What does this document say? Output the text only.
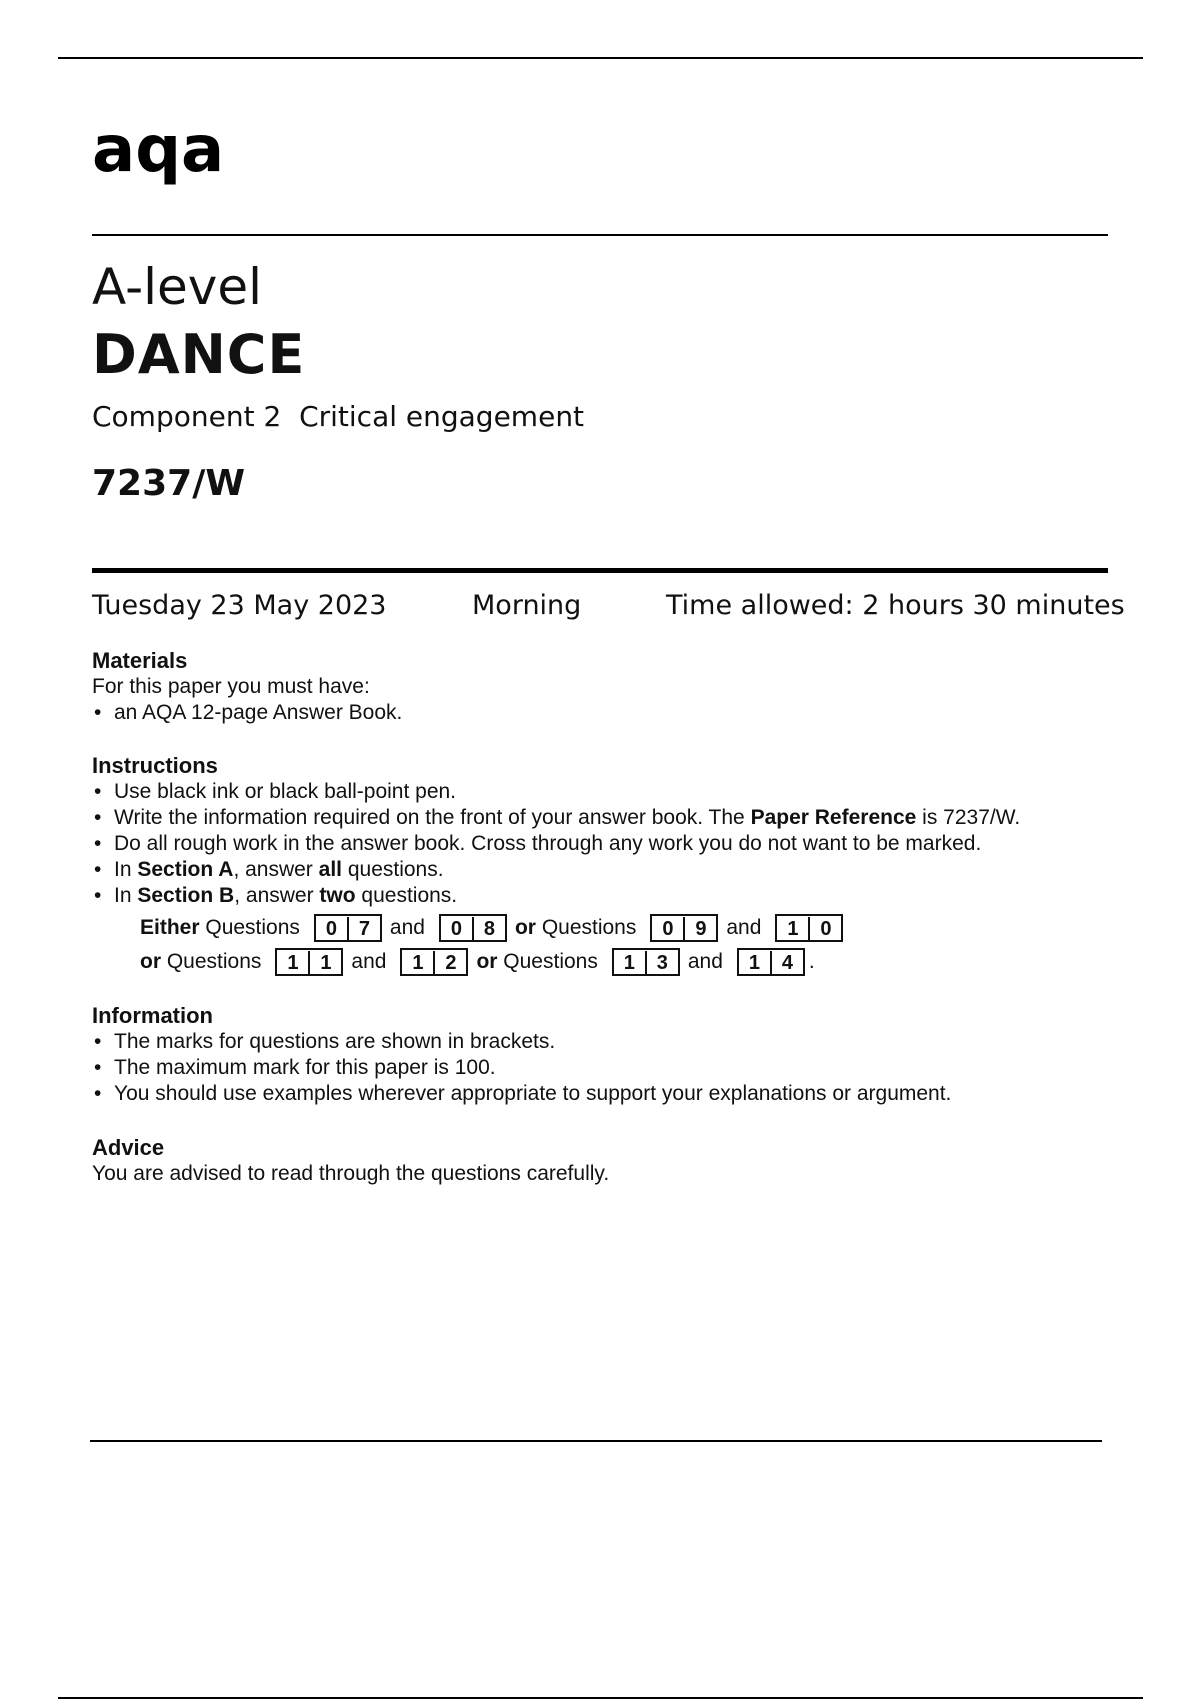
aqa
A-level
DANCE
Component 2  Critical engagement
7237/W
Tuesday 23 May 2023	Morning	Time allowed: 2 hours 30 minutes
Materials

For this paper you must have:

• an AQA 12-page Answer Book.
Instructions
• Use black ink or black ball-point pen.
• Write the information required on the front of your answer book. The Paper Reference is 7237/W.
• Do all rough work in the answer book. Cross through any work you do not want to be marked.
• In Section A, answer all questions.
• In Section B, answer two questions.
Either
Questions	0 7 and	0 8 or
Questions	0 9 and	1 0
or
Questions	1 1 and	1 2 or
Questions	1 3 and	1 4 .
Information
• The marks for questions are shown in brackets.
• The maximum mark for this paper is 100.
• You should use examples wherever appropriate to support your explanations or argument.
Advice

You are advised to read through the questions carefully.
